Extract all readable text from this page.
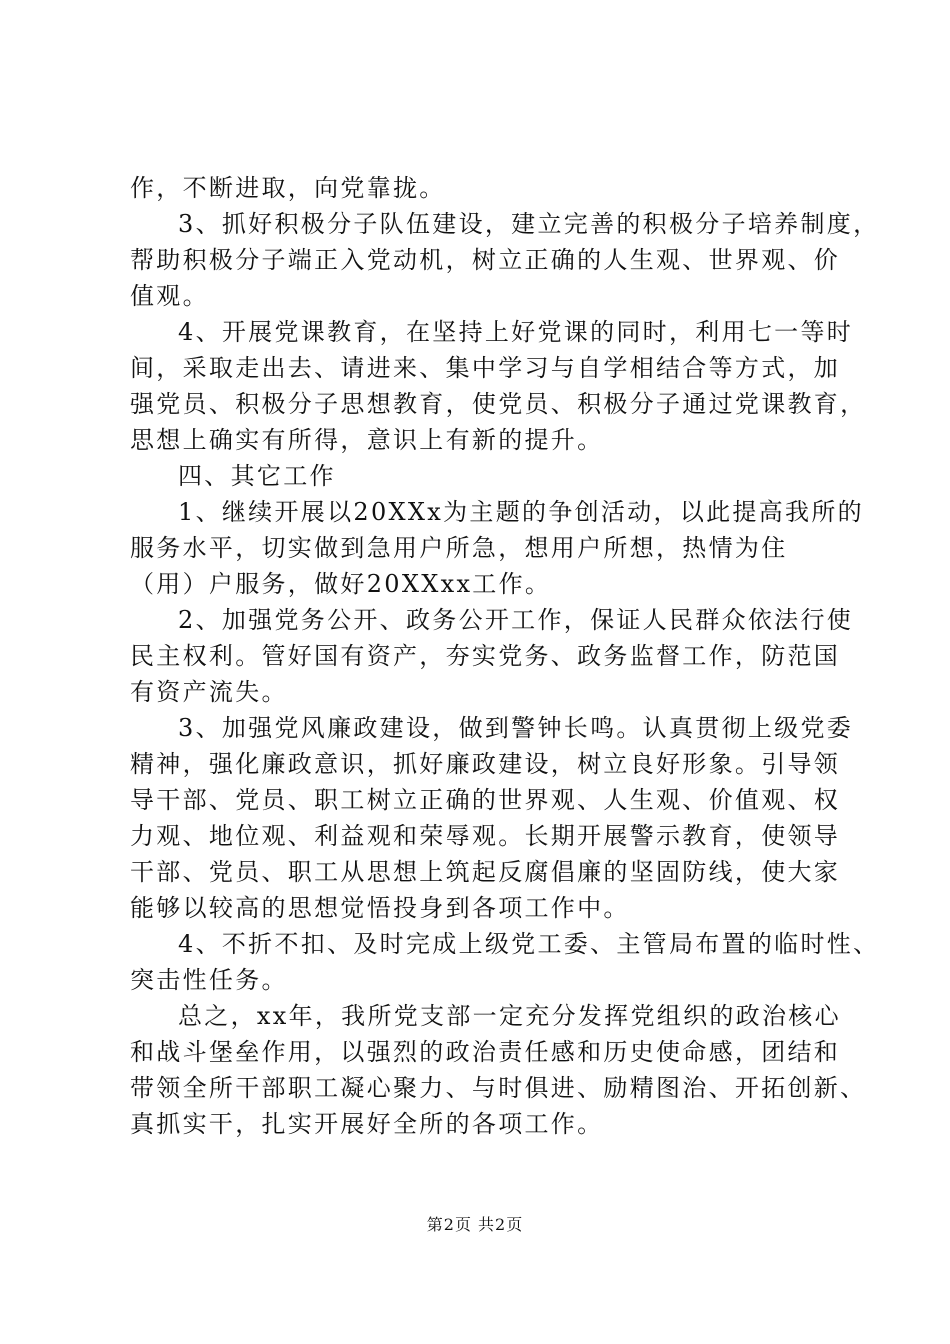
作，不断进取，向党靠拢。
3、抓好积极分子队伍建设，建立完善的积极分子培养制度，
帮助积极分子端正入党动机，树立正确的人生观、世界观、价
值观。
4、开展党课教育，在坚持上好党课的同时，利用七一等时
间，采取走出去、请进来、集中学习与自学相结合等方式，加
强党员、积极分子思想教育，使党员、积极分子通过党课教育，
思想上确实有所得，意识上有新的提升。
四、其它工作
1、继续开展以20XXx为主题的争创活动，以此提高我所的
服务水平，切实做到急用户所急，想用户所想，热情为住
（用）户服务，做好20XXxx工作。
2、加强党务公开、政务公开工作，保证人民群众依法行使
民主权利。管好国有资产，夯实党务、政务监督工作，防范国
有资产流失。
3、加强党风廉政建设，做到警钟长鸣。认真贯彻上级党委
精神，强化廉政意识，抓好廉政建设，树立良好形象。引导领
导干部、党员、职工树立正确的世界观、人生观、价值观、权
力观、地位观、利益观和荣辱观。长期开展警示教育，使领导
干部、党员、职工从思想上筑起反腐倡廉的坚固防线，使大家
能够以较高的思想觉悟投身到各项工作中。
4、不折不扣、及时完成上级党工委、主管局布置的临时性、
突击性任务。
总之，xx年，我所党支部一定充分发挥党组织的政治核心
和战斗堡垒作用，以强烈的政治责任感和历史使命感，团结和
带领全所干部职工凝心聚力、与时俱进、励精图治、开拓创新、
真抓实干，扎实开展好全所的各项工作。
第2页 共2页
